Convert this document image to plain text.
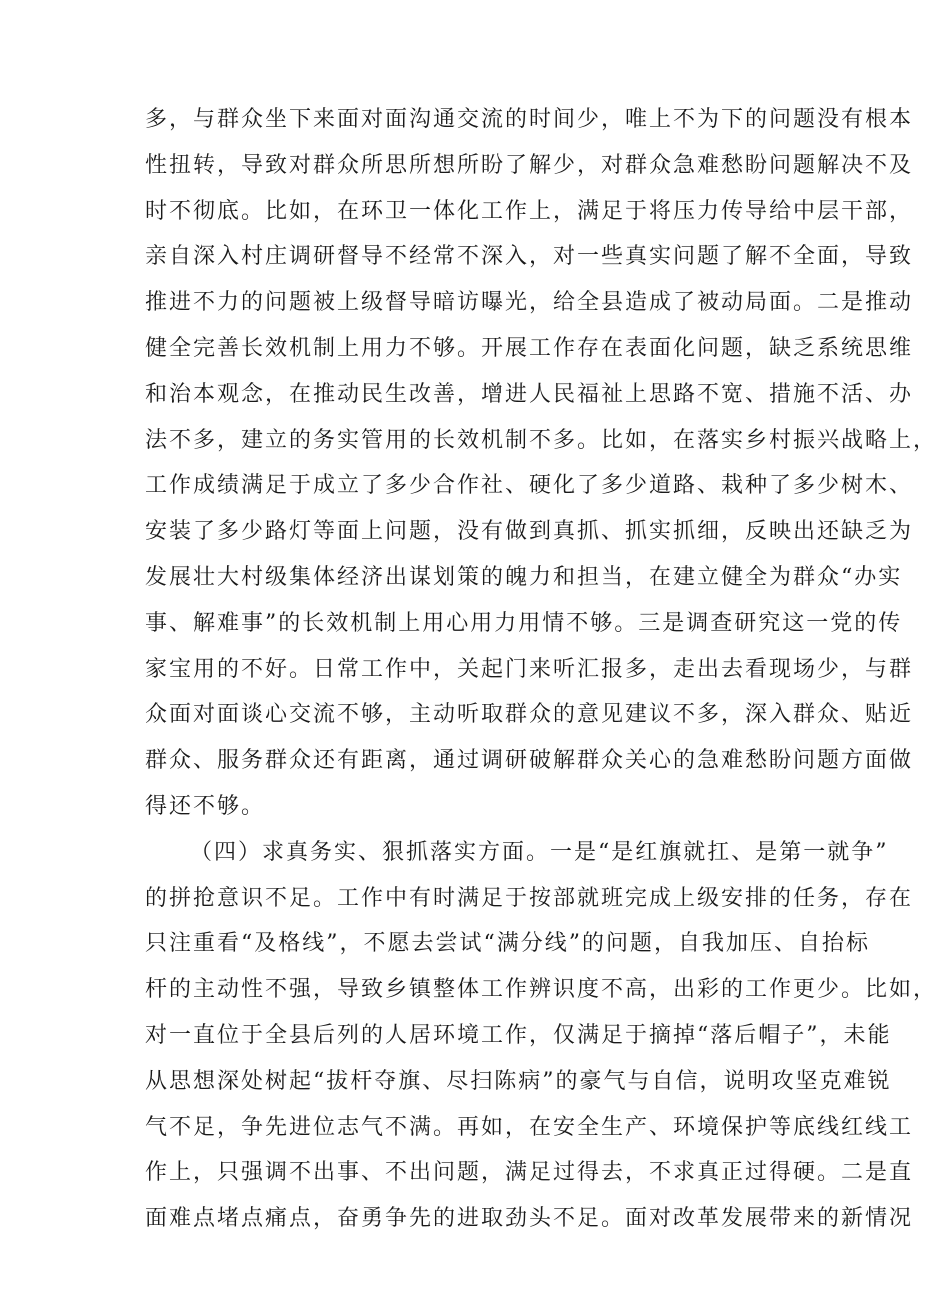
多，与群众坐下来面对面沟通交流的时间少，唯上不为下的问题没有根本
性扭转，导致对群众所思所想所盼了解少，对群众急难愁盼问题解决不及
时不彻底。比如，在环卫一体化工作上，满足于将压力传导给中层干部，
亲自深入村庄调研督导不经常不深入，对一些真实问题了解不全面，导致
推进不力的问题被上级督导暗访曝光，给全县造成了被动局面。二是推动
健全完善长效机制上用力不够。开展工作存在表面化问题，缺乏系统思维
和治本观念，在推动民生改善，增进人民福祉上思路不宽、措施不活、办
法不多，建立的务实管用的长效机制不多。比如，在落实乡村振兴战略上，
工作成绩满足于成立了多少合作社、硬化了多少道路、栽种了多少树木、
安装了多少路灯等面上问题，没有做到真抓、抓实抓细，反映出还缺乏为
发展壮大村级集体经济出谋划策的魄力和担当，在建立健全为群众“办实
事、解难事”的长效机制上用心用力用情不够。三是调查研究这一党的传
家宝用的不好。日常工作中，关起门来听汇报多，走出去看现场少，与群
众面对面谈心交流不够，主动听取群众的意见建议不多，深入群众、贴近
群众、服务群众还有距离，通过调研破解群众关心的急难愁盼问题方面做
得还不够。
（四）求真务实、狠抓落实方面。一是“是红旗就扛、是第一就争”
的拼抢意识不足。工作中有时满足于按部就班完成上级安排的任务，存在
只注重看“及格线”，不愿去尝试“满分线”的问题，自我加压、自抬标
杆的主动性不强，导致乡镇整体工作辨识度不高，出彩的工作更少。比如，
对一直位于全县后列的人居环境工作，仅满足于摘掉“落后帽子”，未能
从思想深处树起“拔杆夺旗、尽扫陈病”的豪气与自信，说明攻坚克难锐
气不足，争先进位志气不满。再如，在安全生产、环境保护等底线红线工
作上，只强调不出事、不出问题，满足过得去，不求真正过得硬。二是直
面难点堵点痛点，奋勇争先的进取劲头不足。面对改革发展带来的新情况
